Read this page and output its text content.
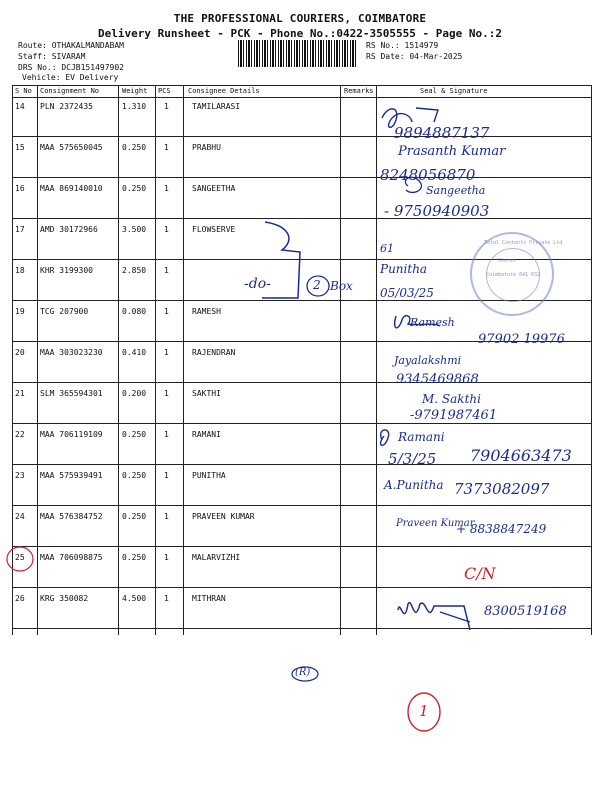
THE PROFESSIONAL COURIERS, COIMBATORE
Delivery Runsheet - PCK - Phone No.:0422-3505555 - Page No.:2
Route: OTHAKALMANDABAM
Staff: SIVARAM
DRS No.: DCJB151497902
Vehicle: EV Delivery
RS No.: 1514979
RS Date: 04-Mar-2025
S No Consignment No	Weight PCS Consignee Details	Remarks	Seal & Signature
14 PLN 2372435	1.310 1	TAMILARASI
15 MAA 575650045 0.250 1	PRABHU
16 MAA 869140010 0.250 1	SANGEETHA
17 AMD 30172966	3.500 1	FLOWSERVE
18 KHR 3199300	2.850 1
19 TCG 207900	0.080 1	RAMESH
20 MAA 303023230 0.410 1	RAJENDRAN
21 SLM 365594301 0.200 1	SAKTHI
22 MAA 706119109 0.250 1	RAMANI
23 MAA 575939491 0.250 1	PUNITHA
24 MAA 576384752 0.250 1	PRAVEEN KUMAR
25 MAA 706098875 0.250 1	MALARVIZHI
26 KRG 350082	4.500 1	MITHRAN
Total Contents Private Ltd
Stores
Coimbatore 641 032
9894887137
Prasanth Kumar
8248056870
Sangeetha
- 9750940903
61
Punitha
05/03/25
-do-	2 Box
Ramesh
97902 19976
Jayalakshmi
9345469868
M. Sakthi
-9791987461
Ramani
5/3/25 7904663473
A.Punitha 7373082097
Praveen Kumar
+ 8838847249
C/N
8300519168
(R)
1
